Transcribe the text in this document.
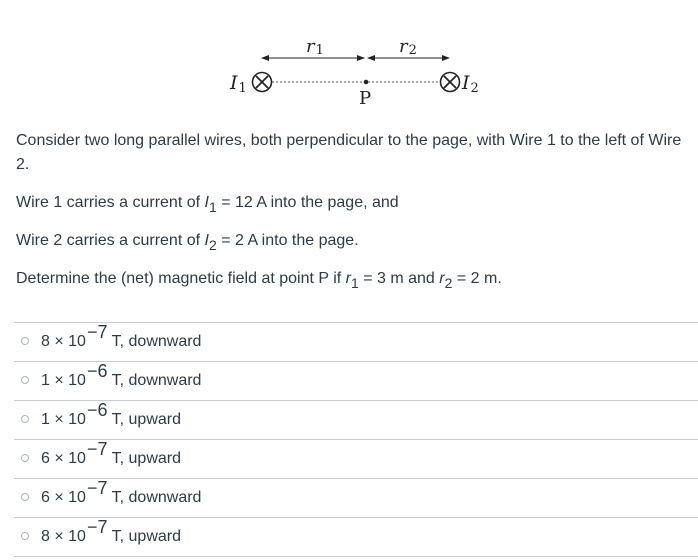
r1	r2
I1	I2
P

Consider two long parallel wires, both perpendicular to the page, with Wire 1 to the left of Wire 2.

Wire 1 carries a current of $I_1 = 12$ A into the page, and

Wire 2 carries a current of $I_2 = 2$ A into the page.

Determine the (net) magnetic field at point P if $r_1 = 3$ m and $r_2 = 2$ m.

$8 \times 10^{-7}$ T, downward
$1 \times 10^{-6}$ T, downward
$1 \times 10^{-6}$ T, upward
$6 \times 10^{-7}$ T, upward
$6 \times 10^{-7}$ T, downward
$8 \times 10^{-7}$ T, upward
